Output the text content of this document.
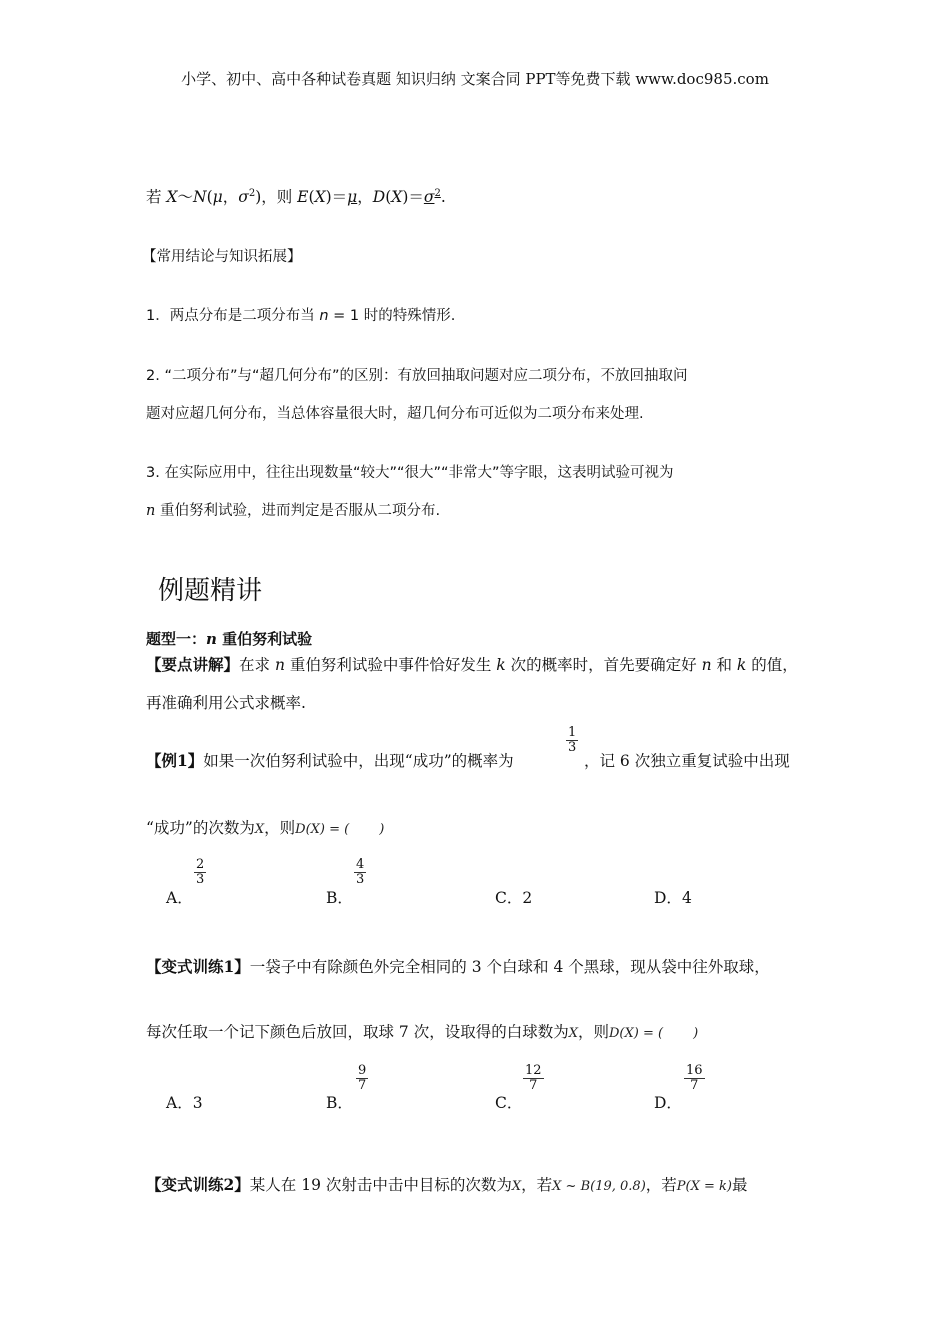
小学、初中、高中各种试卷真题 知识归纳 文案合同 PPT等免费下载 www.doc985.com
若 X～N(μ，$\sigma^2$)，则 E(X)＝μ，$D(X)=\sigma^2$.
【常用结论与知识拓展】
1．两点分布是二项分布当 n = 1 时的特殊情形.
2. “二项分布”与“超几何分布”的区别：有放回抽取问题对应二项分布，不放回抽取问
题对应超几何分布，当总体容量很大时，超几何分布可近似为二项分布来处理.
3. 在实际应用中，往往出现数量“较大”“很大”“非常大”等字眼，这表明试验可视为
n 重伯努利试验，进而判定是否服从二项分布.
例题精讲
题型一：n 重伯努利试验
【要点讲解】在求 n 重伯努利试验中事件恰好发生 k 次的概率时，首先要确定好 n 和 k 的值，
再准确利用公式求概率.
【例1】如果一次伯努利试验中，出现“成功”的概率为
$\frac{1}{3}$
，记 6 次独立重复试验中出现
“成功”的次数为X，则D(X) = ( )
A．
$\frac{2}{3}$
B．
$\frac{4}{3}$
C．2	D．4
【变式训练1】一袋子中有除颜色外完全相同的 3 个白球和 4 个黑球，现从袋中往外取球，
每次任取一个记下颜色后放回，取球 7 次，设取得的白球数为X，则D(X) = ( )
A．3	B．
$\frac{9}{7}$
C．
$\frac{12}{7}$
D．
$\frac{16}{7}$
【变式训练2】某人在 19 次射击中击中目标的次数为X，若X ~ B(19, 0.8)，若P(X = k)最
